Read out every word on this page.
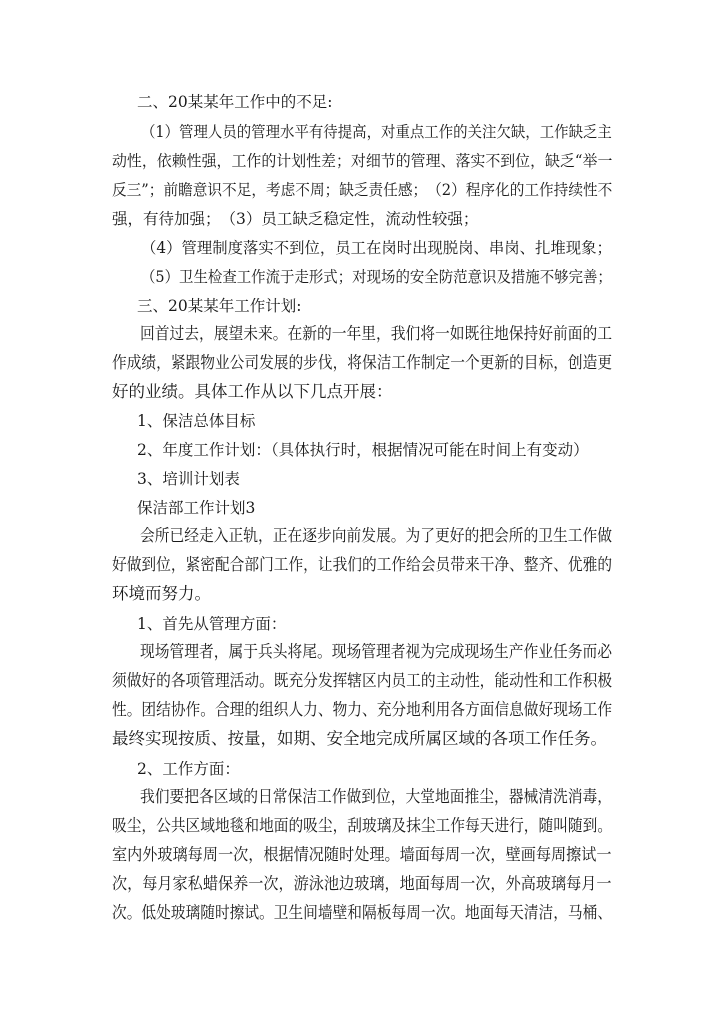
二、20某某年工作中的不足:
（1）管理人员的管理水平有待提高，对重点工作的关注欠缺，工作缺乏主
动性，依赖性强，工作的计划性差；对细节的管理、落实不到位，缺乏“举一
反三”；前瞻意识不足，考虑不周；缺乏责任感；　（2）程序化的工作持续性不
强，有待加强；　（3）员工缺乏稳定性，流动性较强；
（4）管理制度落实不到位，员工在岗时出现脱岗、串岗、扎堆现象；
（5）卫生检查工作流于走形式；对现场的安全防范意识及措施不够完善；
三、20某某年工作计划:
回首过去，展望未来。在新的一年里，我们将一如既往地保持好前面的工
作成绩，紧跟物业公司发展的步伐，将保洁工作制定一个更新的目标，创造更
好的业绩。具体工作从以下几点开展：
1、保洁总体目标
2、年度工作计划：（具体执行时，根据情况可能在时间上有变动）
3、培训计划表
保洁部工作计划3
会所已经走入正轨，正在逐步向前发展。为了更好的把会所的卫生工作做
好做到位，紧密配合部门工作，让我们的工作给会员带来干净、整齐、优雅的
环境而努力。
1、首先从管理方面：
现场管理者，属于兵头将尾。现场管理者视为完成现场生产作业任务而必
须做好的各项管理活动。既充分发挥辖区内员工的主动性，能动性和工作积极
性。团结协作。合理的组织人力、物力、充分地利用各方面信息做好现场工作
最终实现按质、按量，如期、安全地完成所属区域的各项工作任务。
2、工作方面：
我们要把各区域的日常保洁工作做到位，大堂地面推尘，器械清洗消毒，
吸尘，公共区域地毯和地面的吸尘，刮玻璃及抹尘工作每天进行，随叫随到。
室内外玻璃每周一次，根据情况随时处理。墙面每周一次，壁画每周擦试一
次，每月家私蜡保养一次，游泳池边玻璃，地面每周一次，外高玻璃每月一
次。低处玻璃随时擦试。卫生间墙壁和隔板每周一次。地面每天清洁，马桶、
